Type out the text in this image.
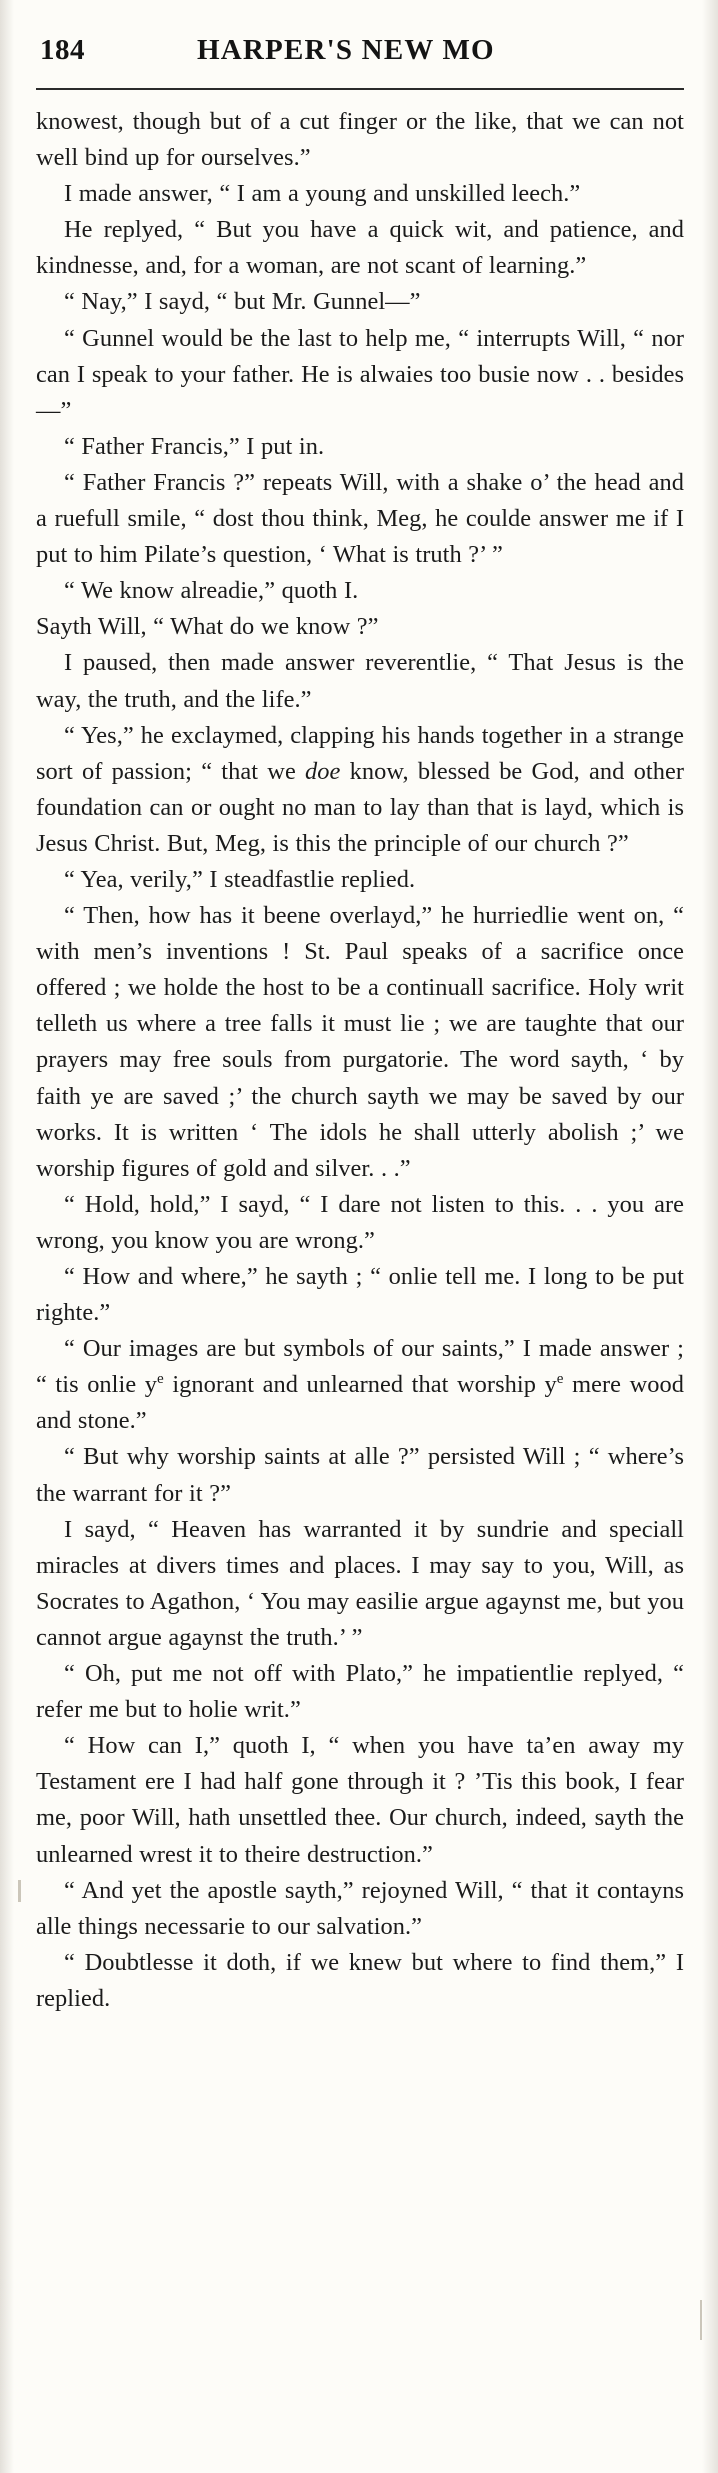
184	HARPER'S NEW MO

knowest, though but of a cut finger or the like, that we can not well bind up for ourselves.”

I made answer, “ I am a young and unskilled leech.”

He replyed, “ But you have a quick wit, and patience, and kindnesse, and, for a woman, are not scant of learning.”

“ Nay,” I sayd, “ but Mr. Gunnel—”

“ Gunnel would be the last to help me, “ interrupts Will, “ nor can I speak to your father. He is alwaies too busie now . . besides—”

“ Father Francis,” I put in.

“ Father Francis ?” repeats Will, with a shake o’ the head and a ruefull smile, “ dost thou think, Meg, he coulde answer me if I put to him Pilate’s question, ‘ What is truth ?’ ”

“ We know alreadie,” quoth I.

Sayth Will, “ What do we know ?”

I paused, then made answer reverentlie, “ That Jesus is the way, the truth, and the life.”

“ Yes,” he exclaymed, clapping his hands together in a strange sort of passion; “ that we doe know, blessed be God, and other foundation can or ought no man to lay than that is layd, which is Jesus Christ. But, Meg, is this the principle of our church ?”

“ Yea, verily,” I steadfastlie replied.

“ Then, how has it beene overlayd,” he hurriedlie went on, “ with men’s inventions ! St. Paul speaks of a sacrifice once offered ; we holde the host to be a continuall sacrifice. Holy writ telleth us where a tree falls it must lie ; we are taughte that our prayers may free souls from purgatorie. The word sayth, ‘ by faith ye are saved ;’ the church sayth we may be saved by our works. It is written ‘ The idols he shall utterly abolish ;’ we worship figures of gold and silver. . .”

“ Hold, hold,” I sayd, “ I dare not listen to this. . . you are wrong, you know you are wrong.”

“ How and where,” he sayth ; “ onlie tell me. I long to be put righte.”

“ Our images are but symbols of our saints,” I made answer ; “ tis onlie $y^e$ ignorant and unlearned that worship $y^e$ mere wood and stone.”

“ But why worship saints at alle ?” persisted Will ; “ where’s the warrant for it ?”

I sayd, “ Heaven has warranted it by sundrie and speciall miracles at divers times and places. I may say to you, Will, as Socrates to Agathon, ‘ You may easilie argue agaynst me, but you cannot argue agaynst the truth.’ ”

“ Oh, put me not off with Plato,” he impatientlie replyed, “ refer me but to holie writ.”

“ How can I,” quoth I, “ when you have ta’en away my Testament ere I had half gone through it ? ’Tis this book, I fear me, poor Will, hath unsettled thee. Our church, indeed, sayth the unlearned wrest it to theire destruction.”

“ And yet the apostle sayth,” rejoyned Will, “ that it contayns alle things necessarie to our salvation.”

“ Doubtlesse it doth, if we knew but where to find them,” I replied.
